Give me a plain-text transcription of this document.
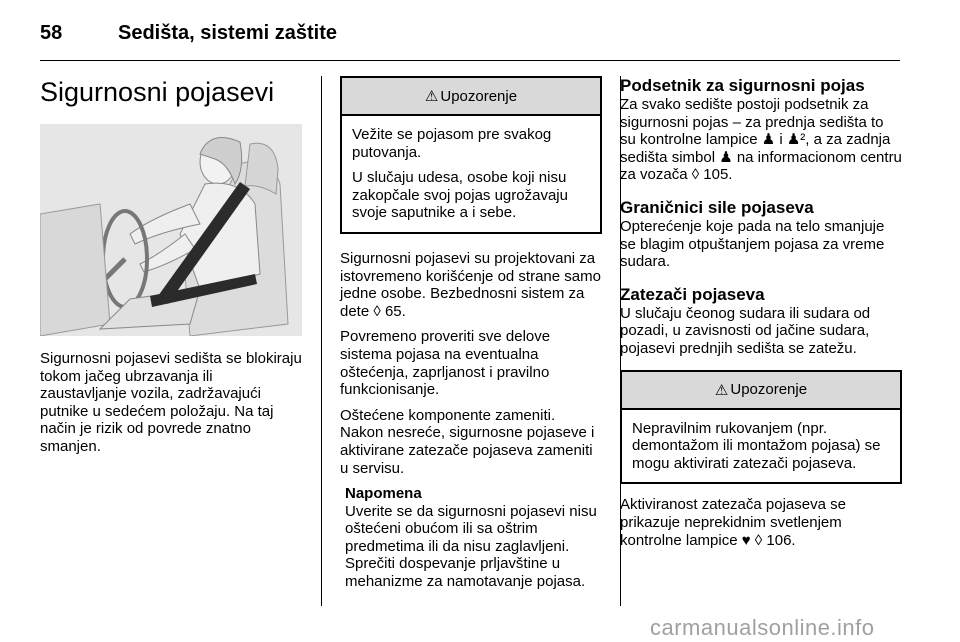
58	Sedišta, sistemi zaštite
Sigurnosni pojasevi

Sigurnosni pojasevi sedišta se blokiraju tokom jačeg ubrzavanja ili zaustavljanje vozila, zadržavajući putnike u sedećem položaju. Na taj način je rizik od povrede znatno smanjen.

⚠ Upozorenje

Vežite se pojasom pre svakog putovanja.

U slučaju udesa, osobe koji nisu zakopčale svoj pojas ugrožavaju svoje saputnike a i sebe.

Sigurnosni pojasevi su projektovani za istovremeno korišćenje od strane samo jedne osobe. Bezbednosni sistem za dete ◊ 65.

Povremeno proveriti sve delove sistema pojasa na eventualna oštećenja, zaprljanost i pravilno funkcionisanje.

Oštećene komponente zameniti. Nakon nesreće, sigurnosne pojaseve i aktivirane zatezače pojaseva zameniti u servisu.

Napomena

Uverite se da sigurnosni pojasevi nisu oštećeni obućom ili sa oštrim predmetima ili da nisu zaglavljeni. Sprečiti dospevanje prljavštine u mehanizme za namotavanje pojasa.

Podsetnik za sigurnosni pojas

Za svako sedište postoji podsetnik za sigurnosni pojas – za prednja sedišta to su kontrolne lampice ♟ i ♟², a za zadnja sedišta simbol ♟ na informacionom centru za vozača ◊ 105.

Graničnici sile pojaseva

Opterećenje koje pada na telo smanjuje se blagim otpuštanjem pojasa za vreme sudara.

Zatezači pojaseva

U slučaju čeonog sudara ili sudara od pozadi, u zavisnosti od jačine sudara, pojasevi prednjih sedišta se zatežu.

⚠ Upozorenje

Nepravilnim rukovanjem (npr. demontažom ili montažom pojasa) se mogu aktivirati zatezači pojaseva.

Aktiviranost zatezača pojaseva se prikazuje neprekidnim svetlenjem kontrolne lampice ♥ ◊ 106.

carmanualsonline.info
